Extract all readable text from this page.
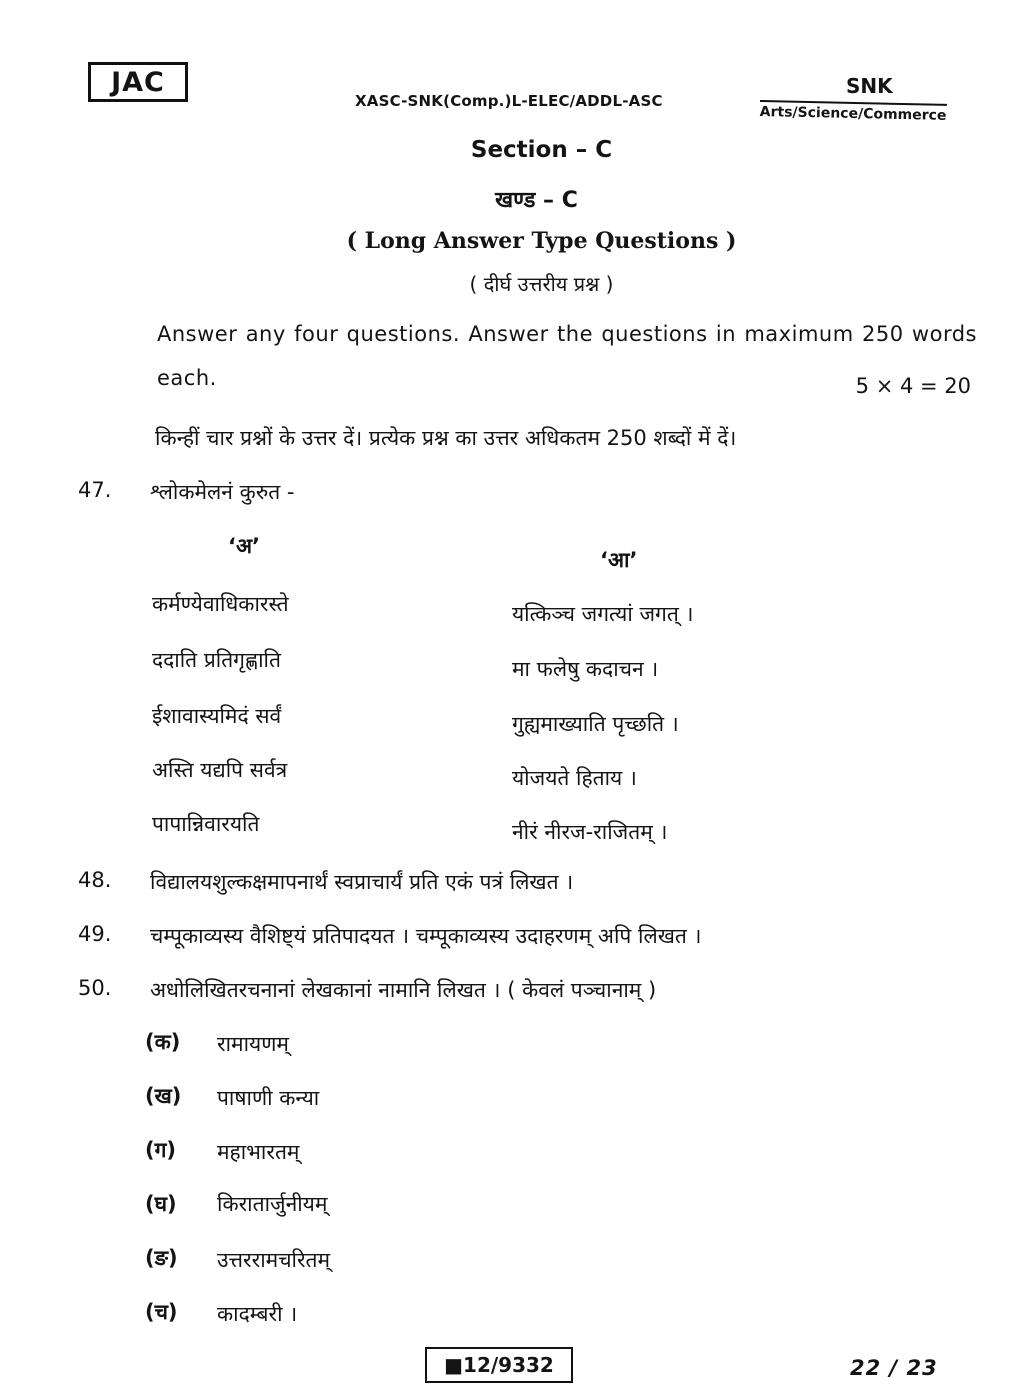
JAC
XASC-SNK(Comp.)L-ELEC/ADDL-ASC
SNK
Arts/Science/Commerce
Section – C
खण्ड – C
( Long Answer Type Questions )
( दीर्घ उत्तरीय प्रश्न )
Answer any four questions. Answer the questions in maximum 250 words each.	5 × 4 = 20
किन्हीं चार प्रश्नों के उत्तर दें। प्रत्येक प्रश्न का उत्तर अधिकतम 250 शब्दों में दें।
47. श्लोकमेलनं कुरुत -
‘अ’
‘आ’
कर्मण्येवाधिकारस्ते
ददाति प्रतिगृह्णाति
ईशावास्यमिदं सर्वं
अस्ति यद्यपि सर्वत्र
पापान्निवारयति
यत्किञ्च जगत्यां जगत् ।
मा फलेषु कदाचन ।
गुह्यमाख्याति पृच्छति ।
योजयते हिताय ।
नीरं नीरज-राजितम् ।
48. विद्यालयशुल्कक्षमापनार्थं स्वप्राचार्यं प्रति एकं पत्रं लिखत ।
49. चम्पूकाव्यस्य वैशिष्ट्यं प्रतिपादयत । चम्पूकाव्यस्य उदाहरणम् अपि लिखत ।
50. अधोलिखितरचनानां लेखकानां नामानि लिखत । ( केवलं पञ्चानाम् )
(क) रामायणम्
(ख) पाषाणी कन्या
(ग) महाभारतम्
(घ) किरातार्जुनीयम्
(ङ) उत्तररामचरितम्
(च) कादम्बरी ।
■12/9332	22 / 23
